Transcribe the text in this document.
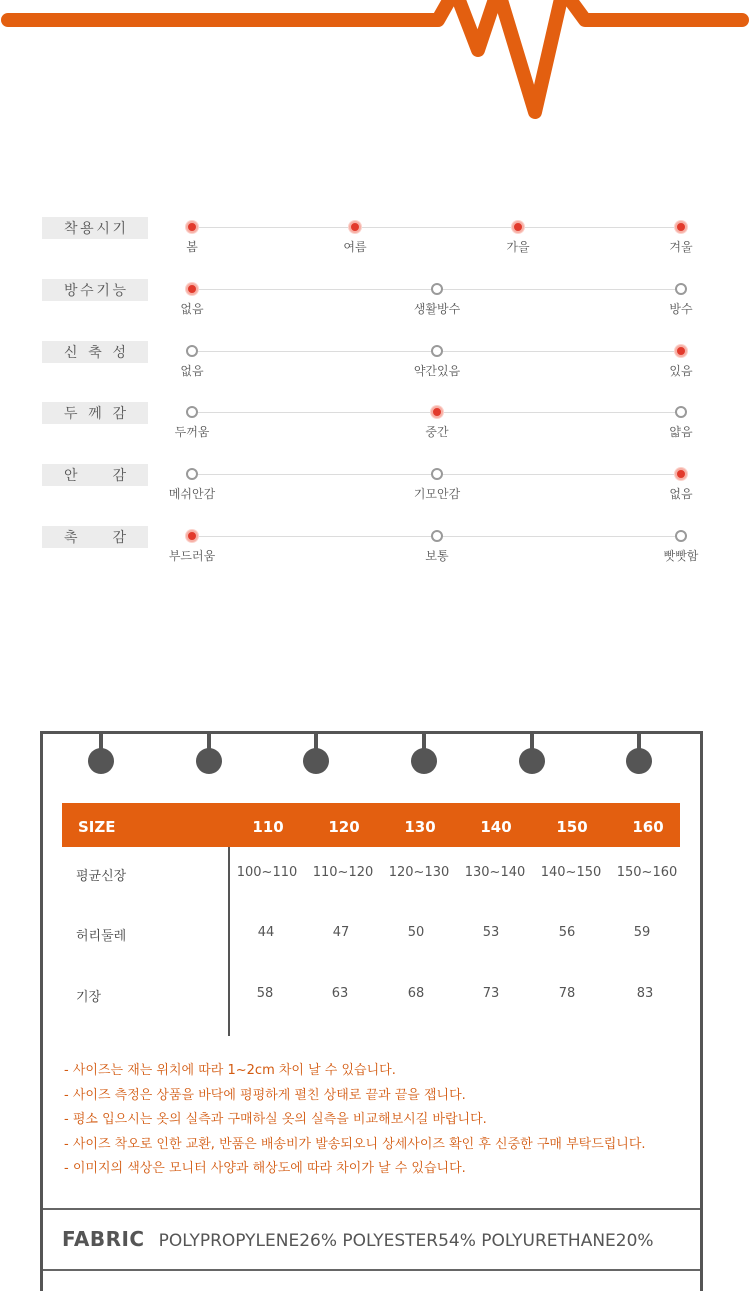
착 용 시 기
봄	여름	가을	겨울
방 수 기 능
없음	생활방수	방수
신 축 성
없음	약간있음	있음
두 께 감
두꺼움	중간	얇음
안 감
메쉬안감	기모안감	없음
촉 감
부드러움	보통	빳빳함
SIZE	110	120	130	140	150	160
평균신장	100~110	110~120	120~130	130~140	140~150	150~160
허리둘레	44	47	50	53	56	59
기장	58	63	68	73	78	83
- 사이즈는 재는 위치에 따라 1~2cm 차이 날 수 있습니다.
- 사이즈 측정은 상품을 바닥에 평평하게 펼친 상태로 끝과 끝을 잽니다.
- 평소 입으시는 옷의 실측과 구매하실 옷의 실측을 비교해보시길 바랍니다.
- 사이즈 착오로 인한 교환, 반품은 배송비가 발송되오니 상세사이즈 확인 후 신중한 구매 부탁드립니다.
- 이미지의 색상은 모니터 사양과 해상도에 따라 차이가 날 수 있습니다.
FABRIC POLYPROPYLENE26% POLYESTER54% POLYURETHANE20%
